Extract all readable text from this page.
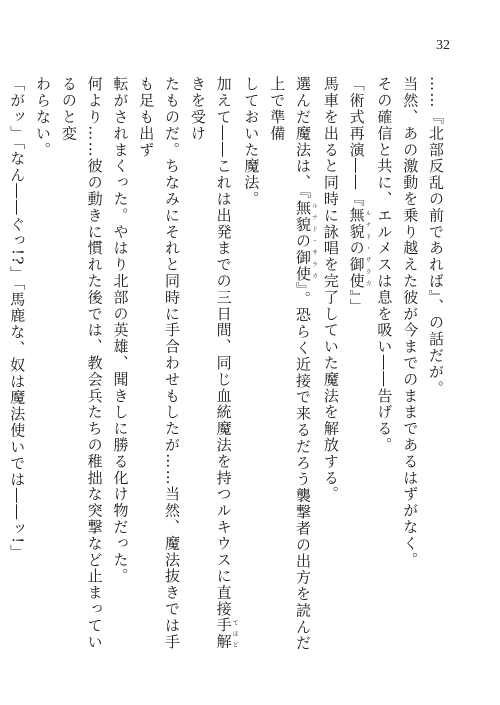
32
……『北部反乱の前であれば』、の話だが。
当然、あの激動を乗り越えた彼が今までのままであるはずがなく。
その確信と共に、エルメスは息を吸い――告げる。
「術式再演――『無貌の御使ルナド・サラカ』」
馬車を出ると同時に詠唱を完了していた魔法を解放する。
選んだ魔法は、『無貌の御使ルナド・サラカ』。恐らく近接で来るだろう襲撃者の出方を読んだ上で準備
しておいた魔法。
加えて――これは出発までの三日間、同じ血統魔法を持つルキウスに直接手解てほどきを受け
たものだ。ちなみにそれと同時に手合わせもしたが……当然、魔法抜きでは手も足も出ず
転がされまくった。やはり北部の英雄、聞きしに勝る化け物だった。
何より……彼の動きに慣れた後では、教会兵たちの稚拙な突撃など止まっているのと変
わらない。
「がッ」「なん――ぐっ!?」「馬鹿な、奴は魔法使いでは――ッ!」
